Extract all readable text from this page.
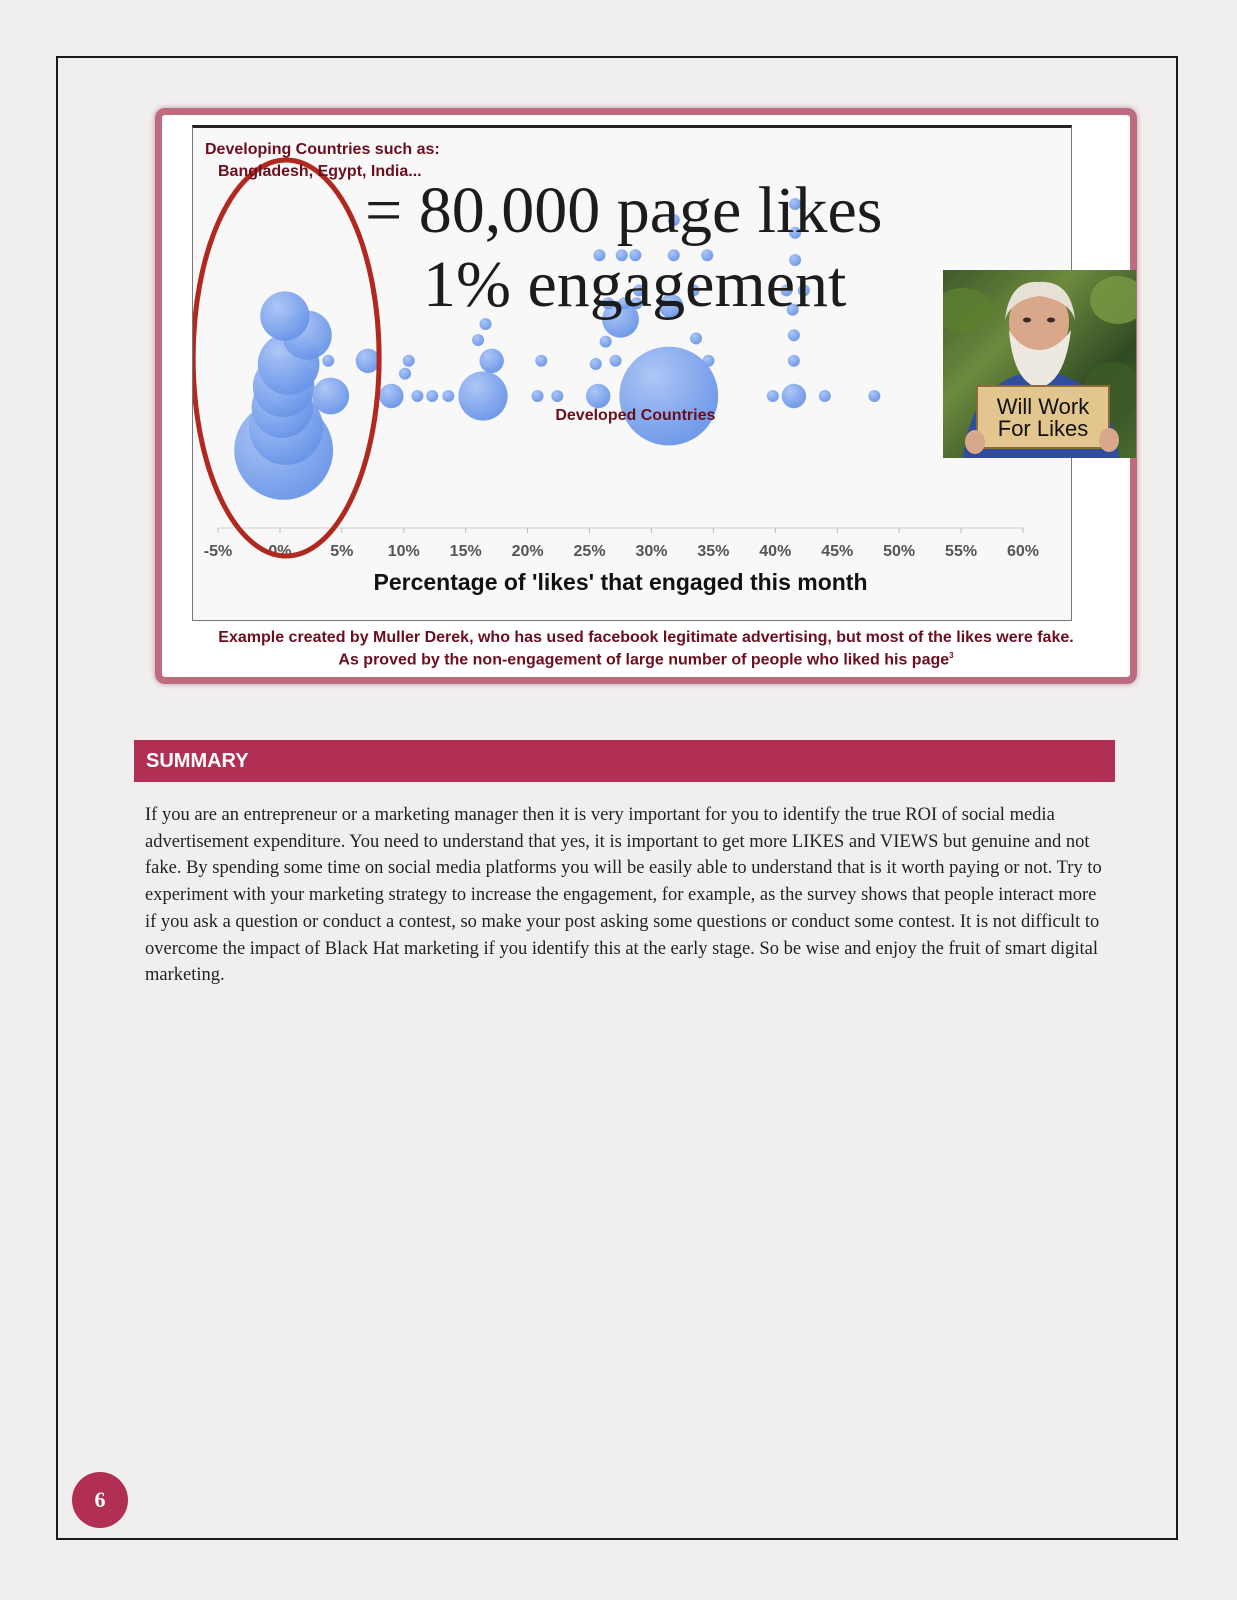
-5% 0% 5% 10% 15% 20% 25% 30% 35% 40% 45% 50% 55% 60%
Percentage of 'likes' that engaged this month
= 80,000 page likes
1% engagement
Developing Countries such as:
Bangladesh, Egypt, India...
Developed Countries	Will Work
For Likes
Example created by Muller Derek, who has used facebook legitimate advertising, but most of the likes were fake.
As proved by the non-engagement of large number of people who liked his page$^3$
SUMMARY

If you are an entrepreneur or a marketing manager then it is very important for you to identify the true ROI of social media advertisement expenditure. You need to understand that yes, it is important to get more LIKES and VIEWS but genuine and not fake. By spending some time on social media platforms you will be easily able to understand that is it worth paying or not. Try to experiment with your marketing strategy to increase the engagement, for example, as the survey shows that people interact more if you ask a question or conduct a contest, so make your post asking some questions or conduct some contest. It is not difficult to overcome the impact of Black Hat marketing if you identify this at the early stage. So be wise and enjoy the fruit of smart digital marketing.

6
